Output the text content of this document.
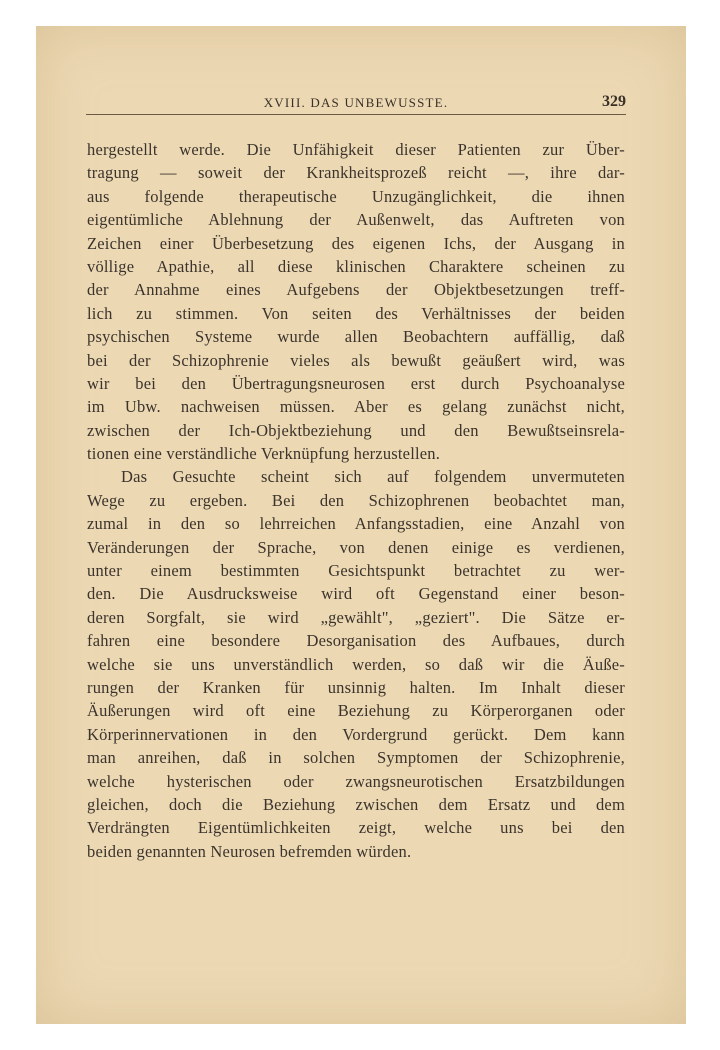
XVIII. DAS UNBEWUSSTE.	329
hergestellt werde. Die Unfähigkeit dieser Patienten zur Über-
tragung — soweit der Krankheitsprozeß reicht —, ihre dar-
aus folgende therapeutische Unzugänglichkeit, die ihnen
eigentümliche Ablehnung der Außenwelt, das Auftreten von
Zeichen einer Überbesetzung des eigenen Ichs, der Ausgang in
völlige Apathie, all diese klinischen Charaktere scheinen zu
der Annahme eines Aufgebens der Objektbesetzungen treff-
lich zu stimmen. Von seiten des Verhältnisses der beiden
psychischen Systeme wurde allen Beobachtern auffällig, daß
bei der Schizophrenie vieles als bewußt geäußert wird, was
wir bei den Übertragungsneurosen erst durch Psychoanalyse
im Ubw. nachweisen müssen. Aber es gelang zunächst nicht,
zwischen der Ich-Objektbeziehung und den Bewußtseinsrela-
tionen eine verständliche Verknüpfung herzustellen.
Das Gesuchte scheint sich auf folgendem unvermuteten
Wege zu ergeben. Bei den Schizophrenen beobachtet man,
zumal in den so lehrreichen Anfangsstadien, eine Anzahl von
Veränderungen der Sprache, von denen einige es verdienen,
unter einem bestimmten Gesichtspunkt betrachtet zu wer-
den. Die Ausdrucksweise wird oft Gegenstand einer beson-
deren Sorgfalt, sie wird „gewählt", „geziert". Die Sätze er-
fahren eine besondere Desorganisation des Aufbaues, durch
welche sie uns unverständlich werden, so daß wir die Äuße-
rungen der Kranken für unsinnig halten. Im Inhalt dieser
Äußerungen wird oft eine Beziehung zu Körperorganen oder
Körperinnervationen in den Vordergrund gerückt. Dem kann
man anreihen, daß in solchen Symptomen der Schizophrenie,
welche hysterischen oder zwangsneurotischen Ersatzbildungen
gleichen, doch die Beziehung zwischen dem Ersatz und dem
Verdrängten Eigentümlichkeiten zeigt, welche uns bei den
beiden genannten Neurosen befremden würden.
